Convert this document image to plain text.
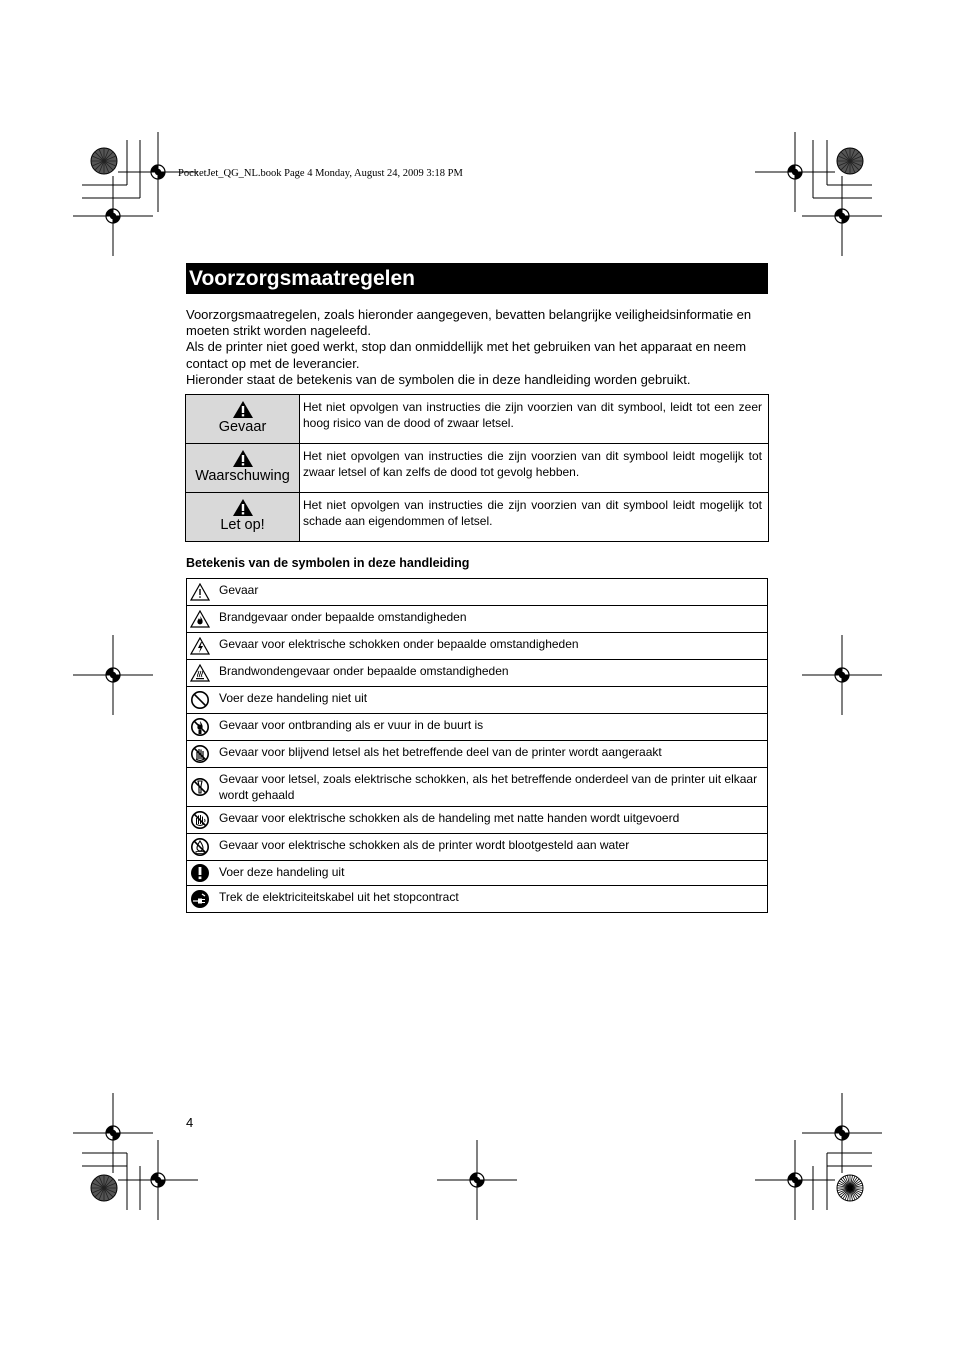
PocketJet_QG_NL.book Page 4 Monday, August 24, 2009 3:18 PM
Voorzorgsmaatregelen

Voorzorgsmaatregelen, zoals hieronder aangegeven, bevatten belangrijke veiligheidsinformatie en moeten strikt worden nageleefd.

Als de printer niet goed werkt, stop dan onmiddellijk met het gebruiken van het apparaat en neem contact op met de leverancier.

Hieronder staat de betekenis van de symbolen die in deze handleiding worden gebruikt.

Gevaar	Het niet opvolgen van instructies die zijn voorzien van dit symbool, leidt tot een zeer hoog risico van de dood of zwaar letsel.

Waarschuwing	Het niet opvolgen van instructies die zijn voorzien van dit symbool leidt mogelijk tot zwaar letsel of kan zelfs de dood tot gevolg hebben.

Let op!	Het niet opvolgen van instructies die zijn voorzien van dit symbool leidt mogelijk tot schade aan eigendommen of letsel.
Betekenis van de symbolen in deze handleiding
	Gevaar

	Brandgevaar onder bepaalde omstandigheden

	Gevaar voor elektrische schokken onder bepaalde omstandigheden

	Brandwondengevaar onder bepaalde omstandigheden

	Voer deze handeling niet uit

	Gevaar voor ontbranding als er vuur in de buurt is

	Gevaar voor blijvend letsel als het betreffende deel van de printer wordt aangeraakt

	Gevaar voor letsel, zoals elektrische schokken, als het betreffende onderdeel van de printer uit elkaar wordt gehaald

	Gevaar voor elektrische schokken als de handeling met natte handen wordt uitgevoerd

	Gevaar voor elektrische schokken als de printer wordt blootgesteld aan water

	Voer deze handeling uit

	Trek de elektriciteitskabel uit het stopcontract
4
